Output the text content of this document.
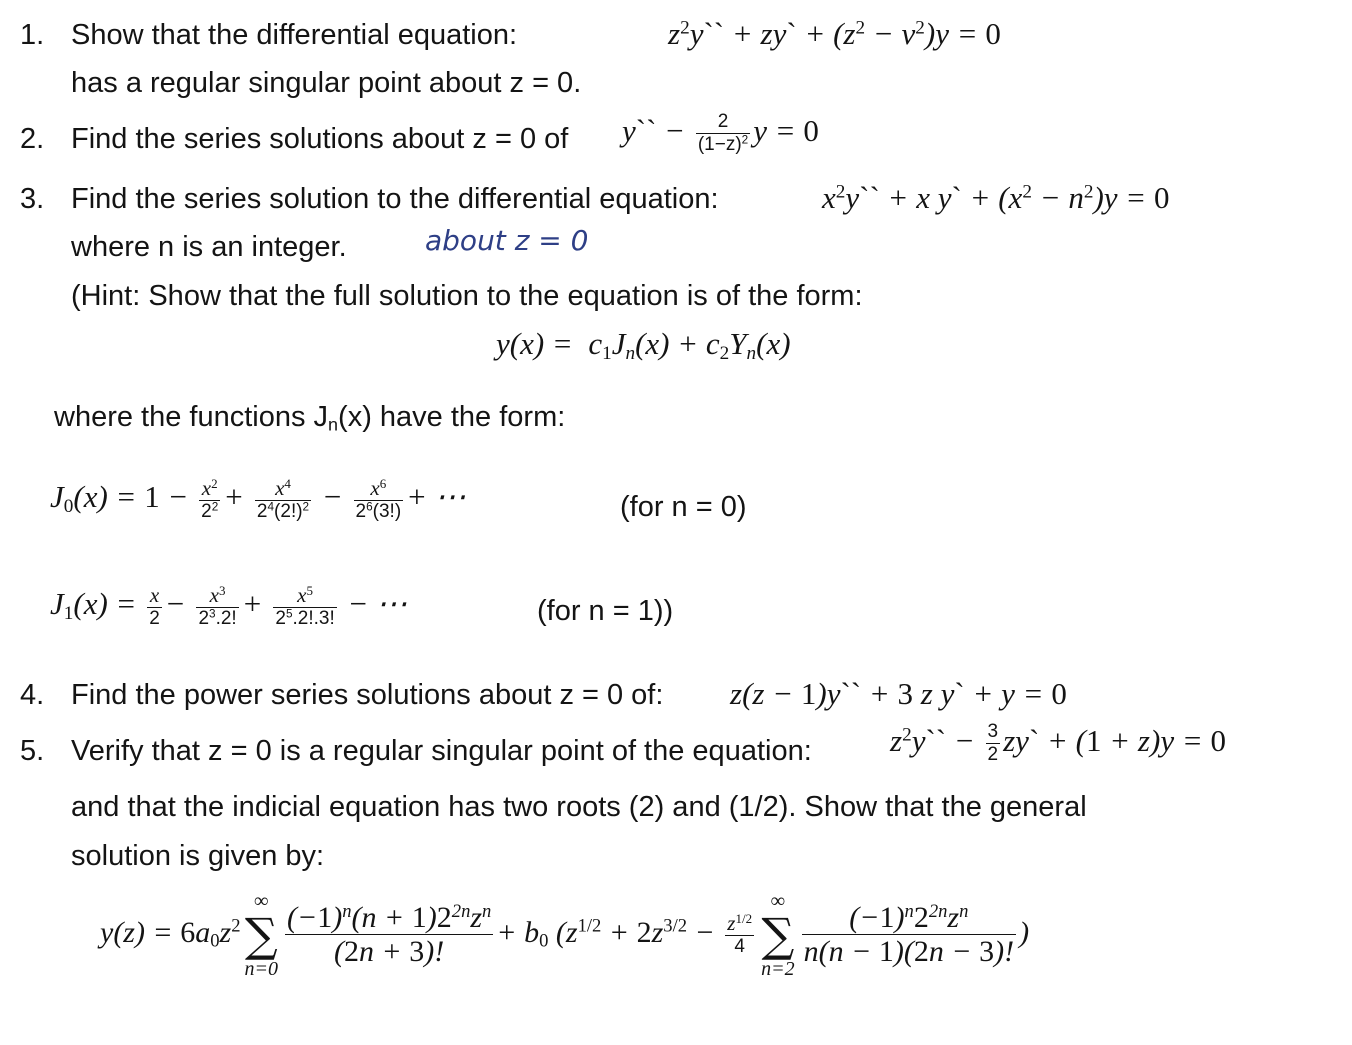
1. Show that the differential equation:	$z^2y``$ + zy` + $(z^2 - v^2)y = 0$
has a regular singular point about z = 0.
2. Find the series solutions about z = 0 of y`` − $\frac{2}{(1-z)^2}$ y = 0
3. Find the series solution to the differential equation:	$x^2y`` + x$ y` + $(x^2 - n^2)y = 0$
where n is an integer.	about z = 0
(Hint: Show that the full solution to the equation is of the form:
$y(x) = c_1J_n(x) + c_2Y_n(x)$
where the functions $J_n(x)$ have the form:
$J_0(x) = 1 - \frac{x^2}{2^2} + \frac{x^4}{2^4(2!)^2} - \frac{x^6}{2^6(3!)}$ + ⋯	(for n = 0)
$J_1(x) = \frac{x}{2} - \frac{x^3}{2^3.2!} + \frac{x^5}{2^5.2!.3!}$ − ⋯	(for n = 1))
4. Find the power series solutions about z = 0 of: z(z − 1)y`` + 3 z y` + y = 0
5. Verify that z = 0 is a regular singular point of the equation:	$z^2y`` - \frac{3}{2}$ zy` + (1 + z)y = 0
and that the indicial equation has two roots (2) and (1/2). Show that the general
solution is given by:
$y(z) = 6a_0z^2$
∞
∑
$n=0 \frac{(-1)^n(n + 1)2^{2n}z^n}{(2n + 3)!} + b_0$ ($z^{1/2} + 2z^{3/2} - \frac{z^{1/2}}{4}$
∞
∑
$n=2 \frac{(-1)^n2^{2n}z^n}{n(n - 1)(2n - 3)!}$ )
